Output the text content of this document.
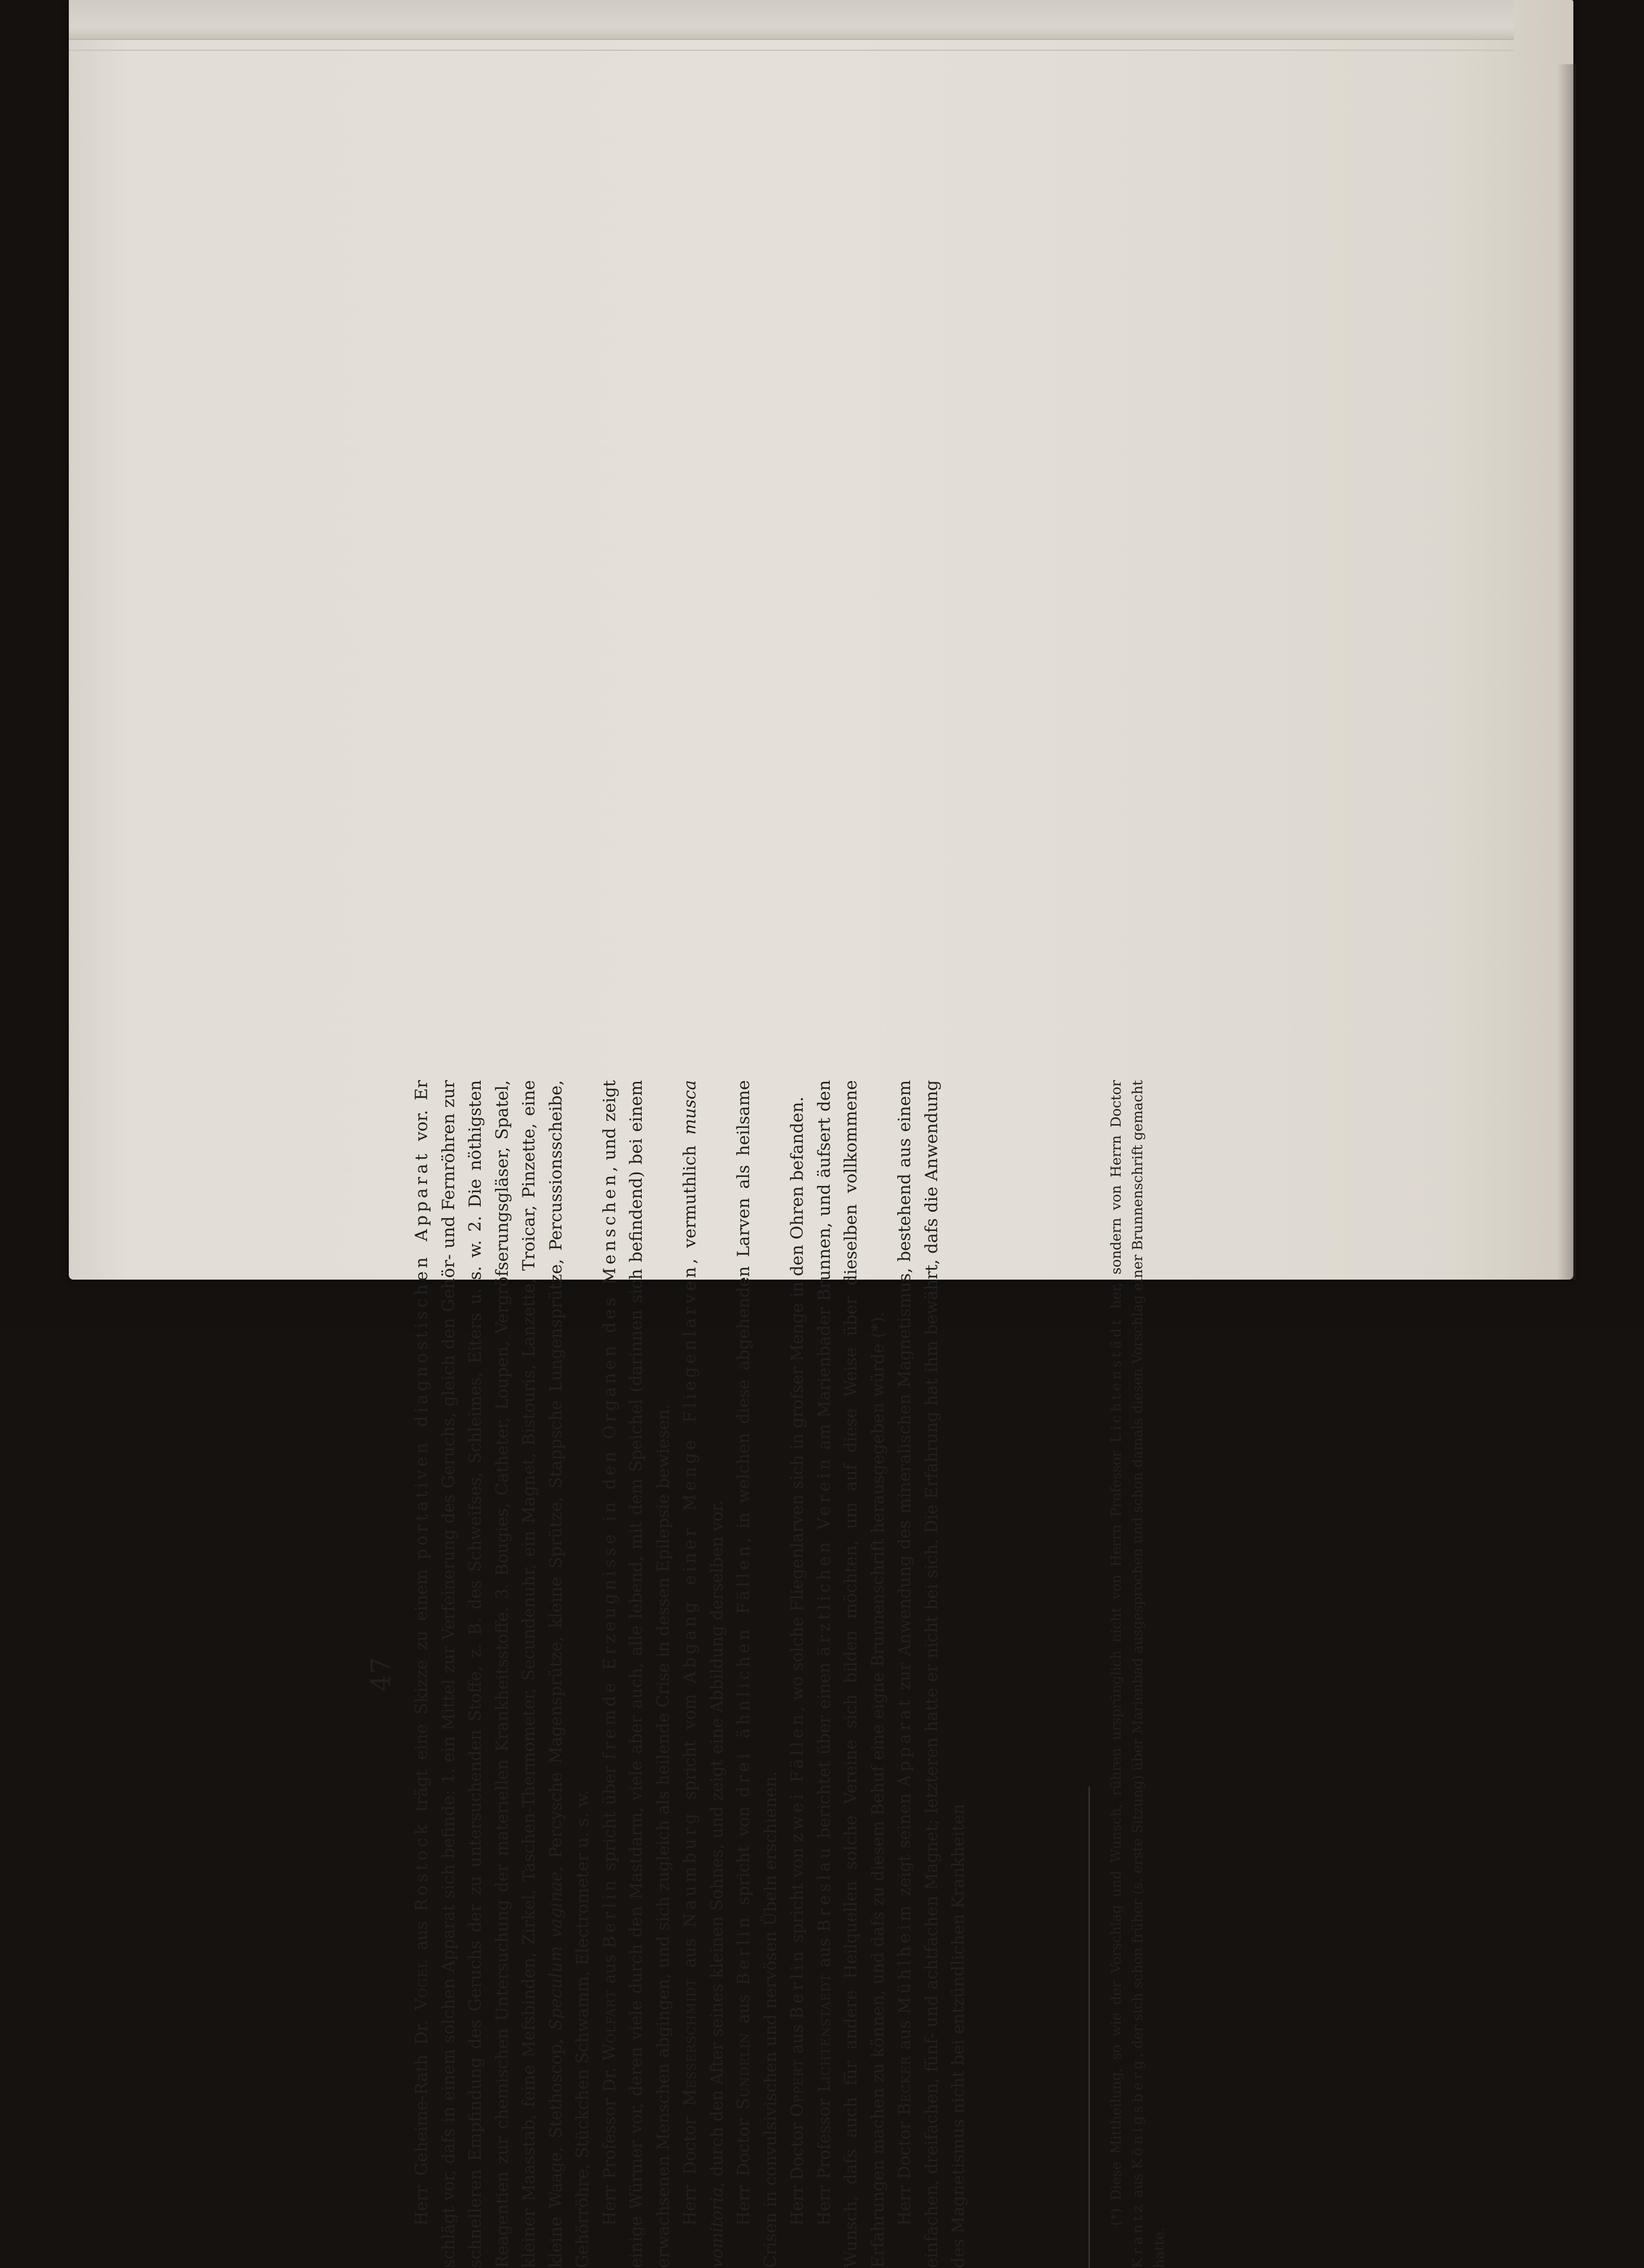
47

Herr Geheime-Rath Dr. Vogel aus Rostock trägt eine Skizze zu einem portativen diagnostischen Apparat vor. Er schlägt vor, dafs in einem solchen Apparat sich befinde: 1. ein Mittel zur Verfeinerung des Geruchs, gleich den Gehör- und Fernröhren zur schnelleren Empfindung des Geruchs der zu untersuchenden Stoffe, z. B. des Schweifses, Schleimes, Eiters u. s. w. 2. Die nöthigsten Reagentien zur chemischen Untersuchung der materiellen Krankheitsstoffe. 3. Bougies, Catheter, Loupen, Vergröfserungsgläser, Spatel, kleiner Maasstab, feine Mefsbinden, Zirkel, Taschen-Thermometer, Secundenuhr, ein Magnet, Bistouris, Lanzette, Troicar, Pinzette, eine kleine Waage, Stethoscop, Speculum vaginae, Percysche Magensprütze, kleine Sprütze, Stappsche Lungensprütze, Percussionsscheibe, Gehörröhre, Stückchen Schwamm, Electrometer u. s. w. Herr Professor Dr. Wolfart aus Berlin spricht über fremde Erzeugnisse in den Organen des Menschen, und zeigt einige Würmer vor, deren viele durch den Mastdarm, viele aber auch, alle lebend, mit dem Speichel (darinnen sich befindend) bei einem erwachsenen Menschen abgingen, und sich zugleich als heilende Crise in dessen Epilepsie bewiesen. Herr Doctor Messerschmidt aus Naumburg spricht vom Abgang einer Menge Fliegenlarven, vermuthlich musca vomitoria, durch den After seines kleinen Sohnes, und zeigt eine Abbildung derselben vor. Herr Doctor Sundelin aus Berlin spricht von drei ähnlichen Fällen, in welchen diese abgehenden Larven als heilsame Crisen in convulsivischen und nervösen Übeln erschienen. Herr Doctor Oppert aus Berlin spricht von zwei Fällen, wo solche Fliegenlarven sich in grofser Menge in den Ohren befanden.

Herr Professor Lichtenstaedt aus Breslau berichtet über einen ärztlichen Verein am Marienbader Brunnen, und äufsert den Wunsch, dafs auch für andere Heilquellen solche Vereine sich bilden möchten, um auf diese Weise über dieselben vollkommene Erfahrungen machen zu können, und dafs zu diesem Behuf eine eigne Brunnenschrift herausgegeben würde (*). Herr Doctor Becker aus Mühlheim zeigt seinen Apparat zur Anwendung des mineralischen Magnetismus, bestehend aus einem einfachen, dreifachen, fünf- und achtfachen Magnet; letzteren hatte er nicht bei sich. Die Erfahrung hat ihm bewährt, dafs die Anwendung des Magnetismus nicht bei entzündlichen Krankheiten	(*) Diese Mittheilung, so wie der Vorschlag und Wunsch, rühren ursprünglich nicht von Herrn Professor Lichtenstädt her, sondern von Herrn Doctor Krantz aus Königsberg, der sich schon früher (s. erste Sitzung) über Marienbad ausgesprochen und schon damals diesen Vorschlag einer Brunnenschrift gemacht hatte.
